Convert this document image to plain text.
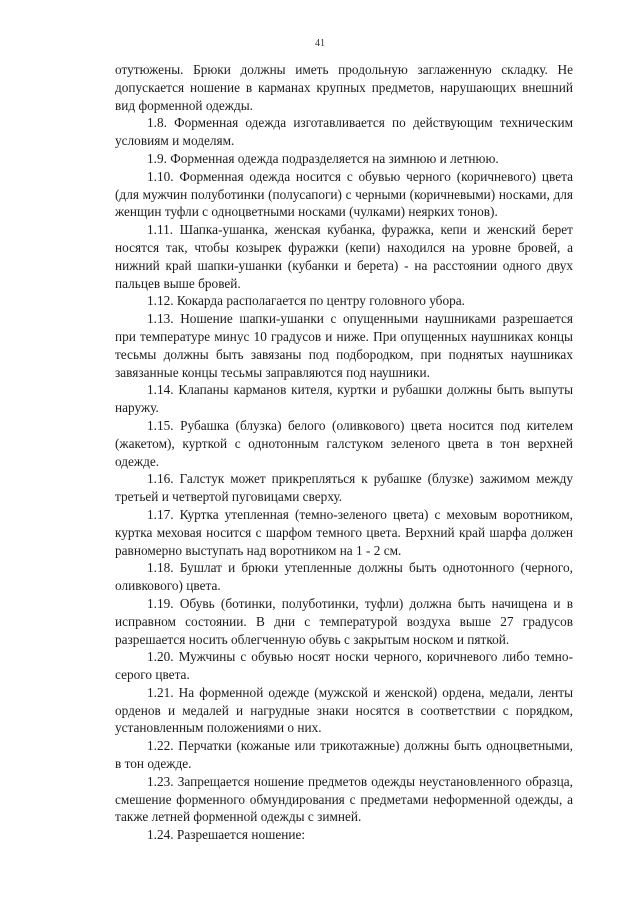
41

отутюжены. Брюки должны иметь продольную заглаженную складку. Не допускается ношение в карманах крупных предметов, нарушающих внешний вид форменной одежды.

1.8. Форменная одежда изготавливается по действующим техническим условиям и моделям.

1.9. Форменная одежда подразделяется на зимнюю и летнюю.

1.10. Форменная одежда носится с обувью черного (коричневого) цвета (для мужчин полуботинки (полусапоги) с черными (коричневыми) носками, для женщин туфли с одноцветными носками (чулками) неярких тонов).

1.11. Шапка-ушанка, женская кубанка, фуражка, кепи и женский берет носятся так, чтобы козырек фуражки (кепи) находился на уровне бровей, а нижний край шапки-ушанки (кубанки и берета) - на расстоянии одного двух пальцев выше бровей.

1.12. Кокарда располагается по центру головного убора.

1.13. Ношение шапки-ушанки с опущенными наушниками разрешается при температуре минус 10 градусов и ниже. При опущенных наушниках концы тесьмы должны быть завязаны под подбородком, при поднятых наушниках завязанные концы тесьмы заправляются под наушники.

1.14. Клапаны карманов кителя, куртки и рубашки должны быть выпуты наружу.

1.15. Рубашка (блузка) белого (оливкового) цвета носится под кителем (жакетом), курткой с однотонным галстуком зеленого цвета в тон верхней одежде.

1.16. Галстук может прикрепляться к рубашке (блузке) зажимом между третьей и четвертой пуговицами сверху.

1.17. Куртка утепленная (темно-зеленого цвета) с меховым воротником, куртка меховая носится с шарфом темного цвета. Верхний край шарфа должен равномерно выступать над воротником на 1 - 2 см.

1.18. Бушлат и брюки утепленные должны быть однотонного (черного, оливкового) цвета.

1.19. Обувь (ботинки, полуботинки, туфли) должна быть начищена и в исправном состоянии. В дни с температурой воздуха выше 27 градусов разрешается носить облегченную обувь с закрытым носком и пяткой.

1.20. Мужчины с обувью носят носки черного, коричневого либо темно-серого цвета.

1.21. На форменной одежде (мужской и женской) ордена, медали, ленты орденов и медалей и нагрудные знаки носятся в соответствии с порядком, установленным положениями о них.

1.22. Перчатки (кожаные или трикотажные) должны быть одноцветными, в тон одежде.

1.23. Запрещается ношение предметов одежды неустановленного образца, смешение форменного обмундирования с предметами неформенной одежды, а также летней форменной одежды с зимней.

1.24. Разрешается ношение:
